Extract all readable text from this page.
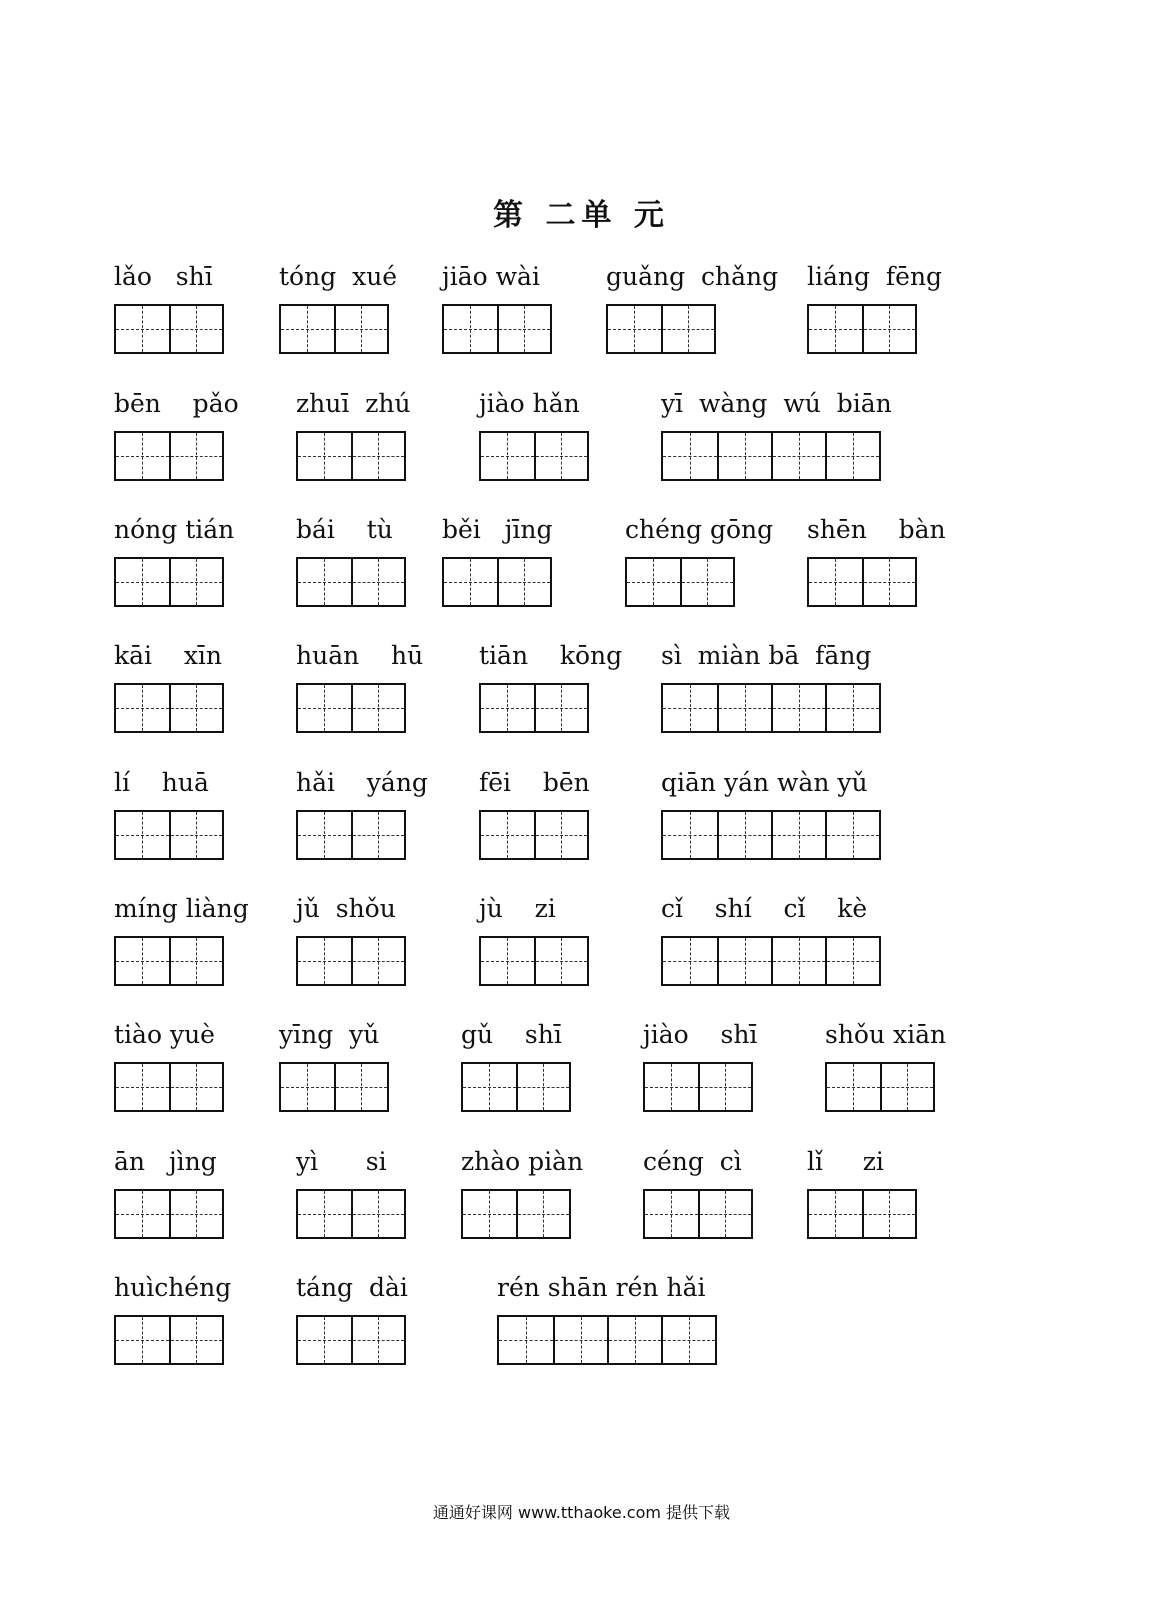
第 二单 元
lǎo   shī	tóng  xué jiāo wài	guǎng  chǎng liáng  fēng
bēn    pǎo zhuī  zhú	jiào hǎn	yī  wàng  wú  biān
nóng tián bái    tù běi   jīng	chéng gōng shēn    bàn
kāi    xīn	huān    hū tiān    kōng sì  miàn bā  fāng
lí    huā	hǎi    yáng fēi    bēn	qiān yán wàn yǔ
míng liàng jǔ  shǒu	jù    zi	cǐ    shí    cǐ    kè
tiào yuè	yīng  yǔ	gǔ    shī	jiào    shī	shǒu xiān
ān   jìng	yì      si	zhào piàn céng  cì	lǐ     zi
huìchéng	táng  dài	rén shān rén hǎi
通通好课网 www.tthaoke.com 提供下载
